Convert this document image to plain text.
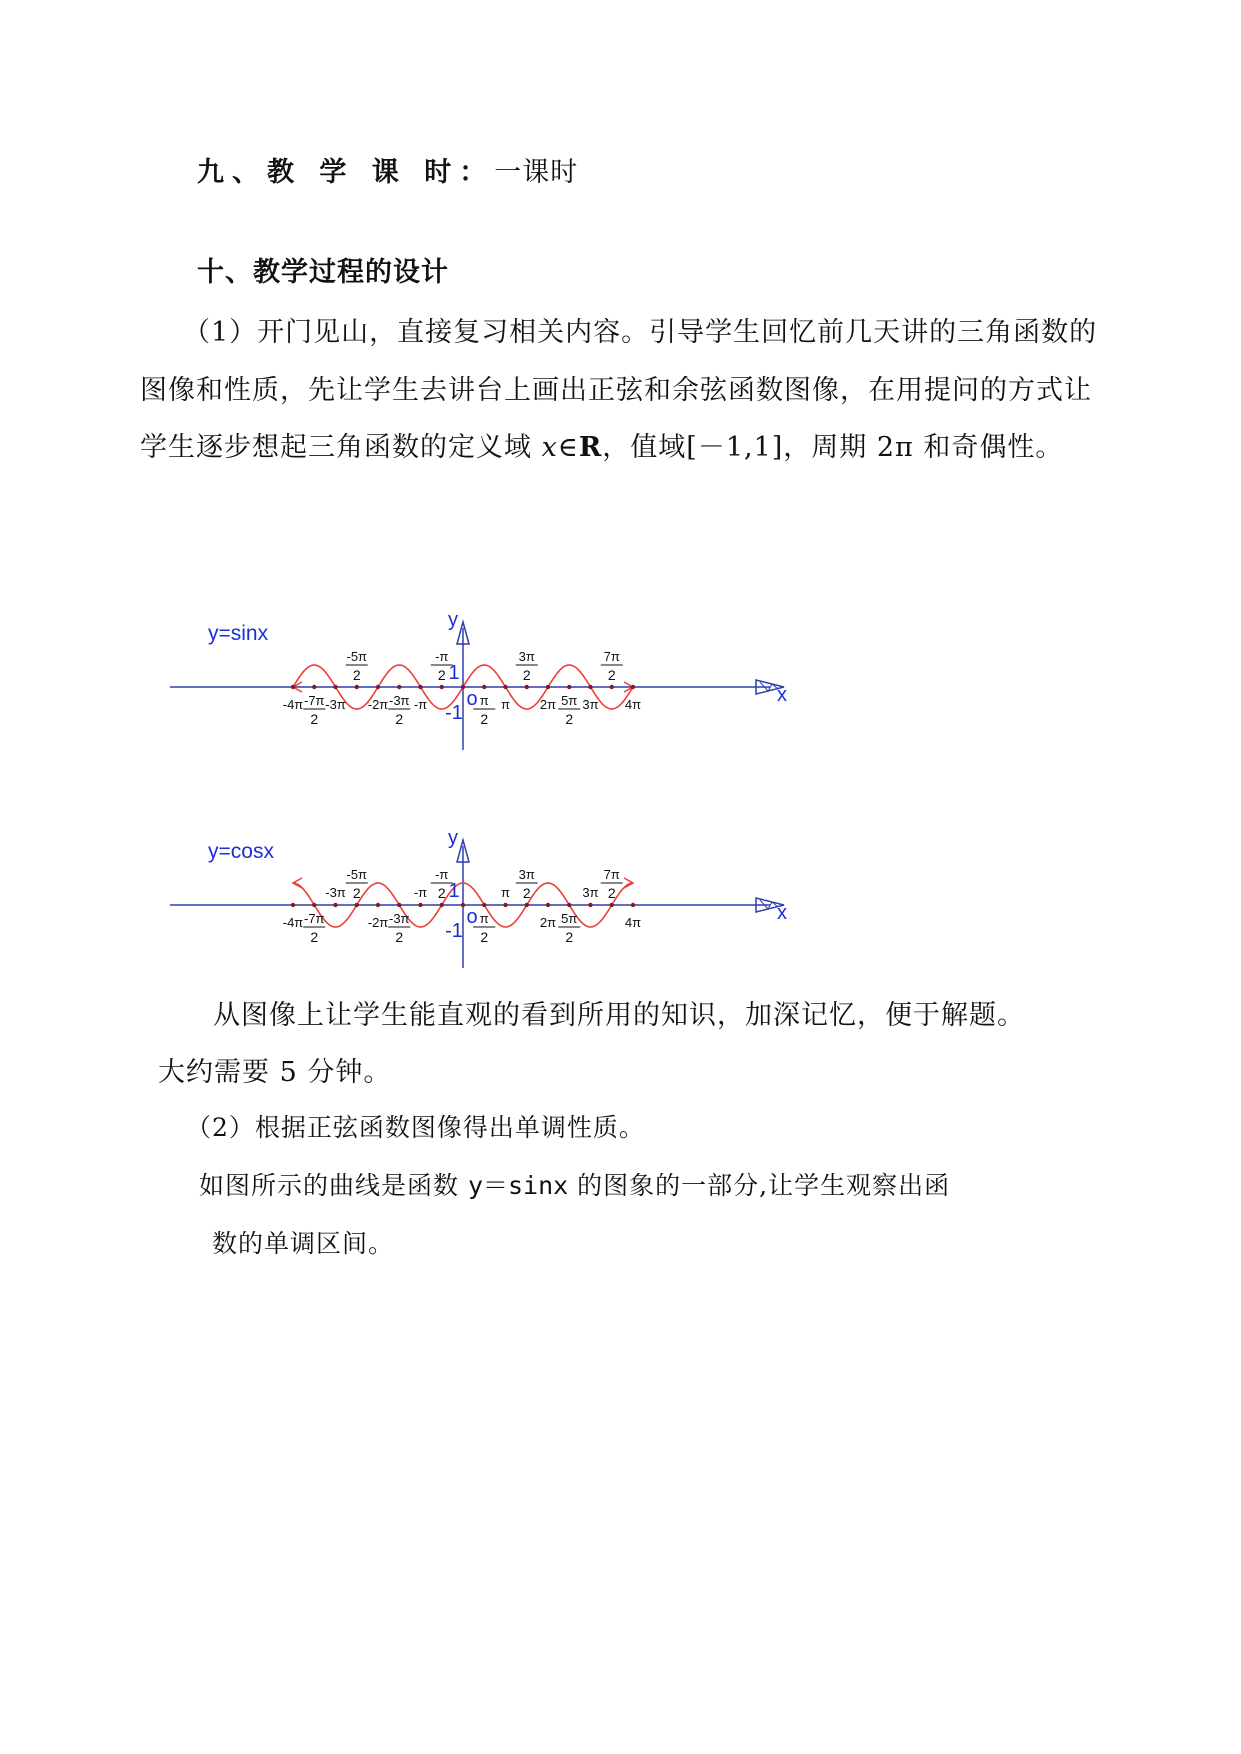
九、教 学 课 时：一课时
十、教学过程的设计
（1）开门见山，直接复习相关内容。引导学生回忆前几天讲的三角函数的
图像和性质，先让学生去讲台上画出正弦和余弦函数图像，在用提问的方式让
学生逐步想起三角函数的定义域 x∈R，值域[－1,1]，周期 2π 和奇偶性。
y=sinx
y
x
o
1
-1
-4π -7π
2
-3π -2π -3π
2
-π	π
2
π 2π 5π
2
3π 4π
-5π
2
-π
2
3π
2
7π
2
y=cosx
y
x
o
1
-1
-4π -7π
2
-2π -3π
2
π
2
2π 5π
2
4π
-3π
-5π
2	-π
-π
2	π
3π
2	3π
7π
2
从图像上让学生能直观的看到所用的知识，加深记忆，便于解题。
大约需要 5 分钟。
（2）根据正弦函数图像得出单调性质。
如图所示的曲线是函数 y＝sinx 的图象的一部分,让学生观察出函
数的单调区间。
